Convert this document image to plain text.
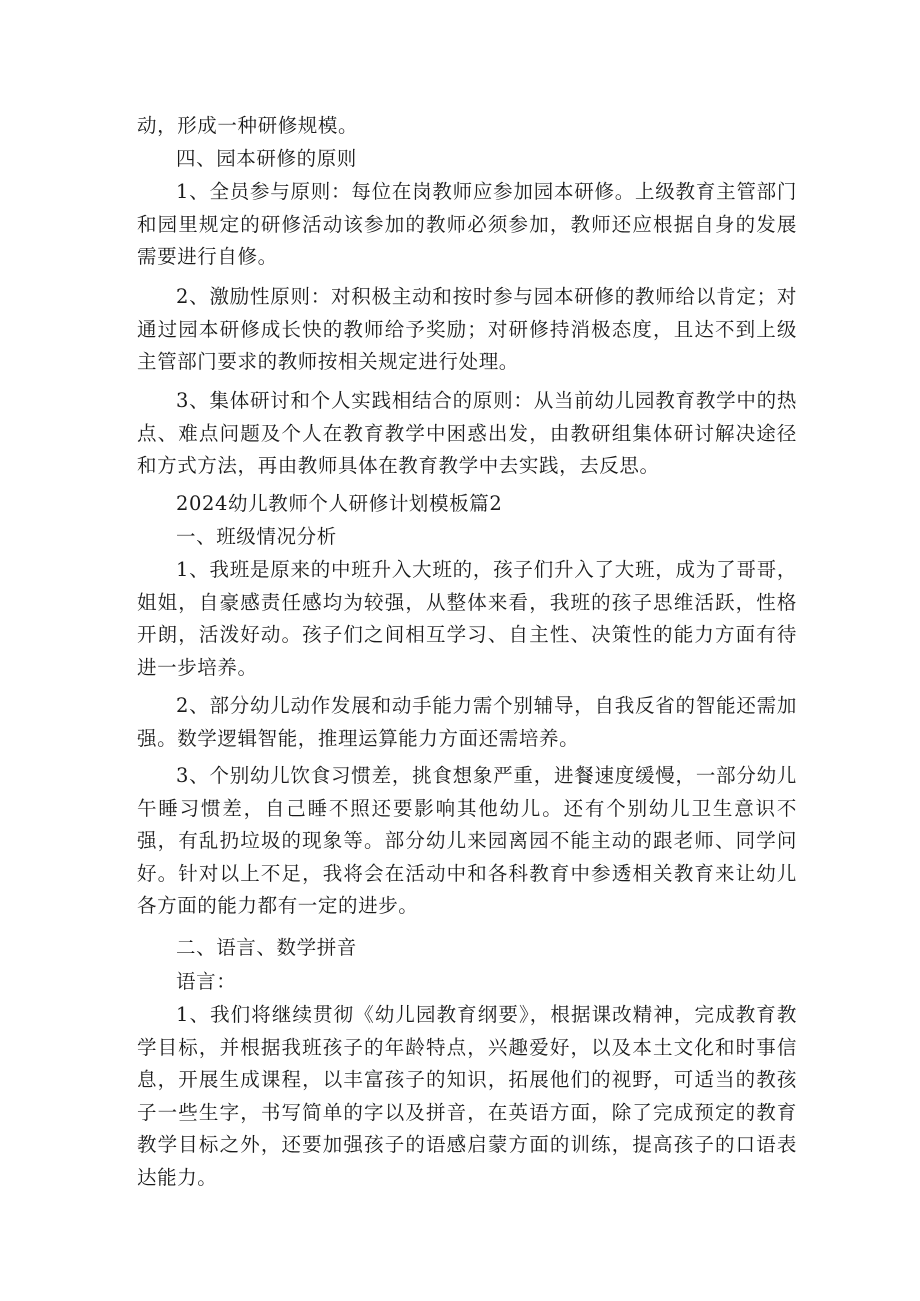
动，形成一种研修规模。

四、园本研修的原则

1、全员参与原则：每位在岗教师应参加园本研修。上级教育主管部门和园里规定的研修活动该参加的教师必须参加，教师还应根据自身的发展需要进行自修。

2、激励性原则：对积极主动和按时参与园本研修的教师给以肯定；对通过园本研修成长快的教师给予奖励；对研修持消极态度，且达不到上级主管部门要求的教师按相关规定进行处理。

3、集体研讨和个人实践相结合的原则：从当前幼儿园教育教学中的热点、难点问题及个人在教育教学中困惑出发，由教研组集体研讨解决途径和方式方法，再由教师具体在教育教学中去实践，去反思。

2024幼儿教师个人研修计划模板篇2

一、班级情况分析

1、我班是原来的中班升入大班的，孩子们升入了大班，成为了哥哥，姐姐，自豪感责任感均为较强，从整体来看，我班的孩子思维活跃，性格开朗，活泼好动。孩子们之间相互学习、自主性、决策性的能力方面有待进一步培养。

2、部分幼儿动作发展和动手能力需个别辅导，自我反省的智能还需加强。数学逻辑智能，推理运算能力方面还需培养。

3、个别幼儿饮食习惯差，挑食想象严重，进餐速度缓慢，一部分幼儿午睡习惯差，自己睡不照还要影响其他幼儿。还有个别幼儿卫生意识不强，有乱扔垃圾的现象等。部分幼儿来园离园不能主动的跟老师、同学问好。针对以上不足，我将会在活动中和各科教育中参透相关教育来让幼儿各方面的能力都有一定的进步。

二、语言、数学拼音

语言：

1、我们将继续贯彻《幼儿园教育纲要》，根据课改精神，完成教育教学目标，并根据我班孩子的年龄特点，兴趣爱好，以及本土文化和时事信息，开展生成课程，以丰富孩子的知识，拓展他们的视野，可适当的教孩子一些生字，书写简单的字以及拼音，在英语方面，除了完成预定的教育教学目标之外，还要加强孩子的语感启蒙方面的训练，提高孩子的口语表达能力。
